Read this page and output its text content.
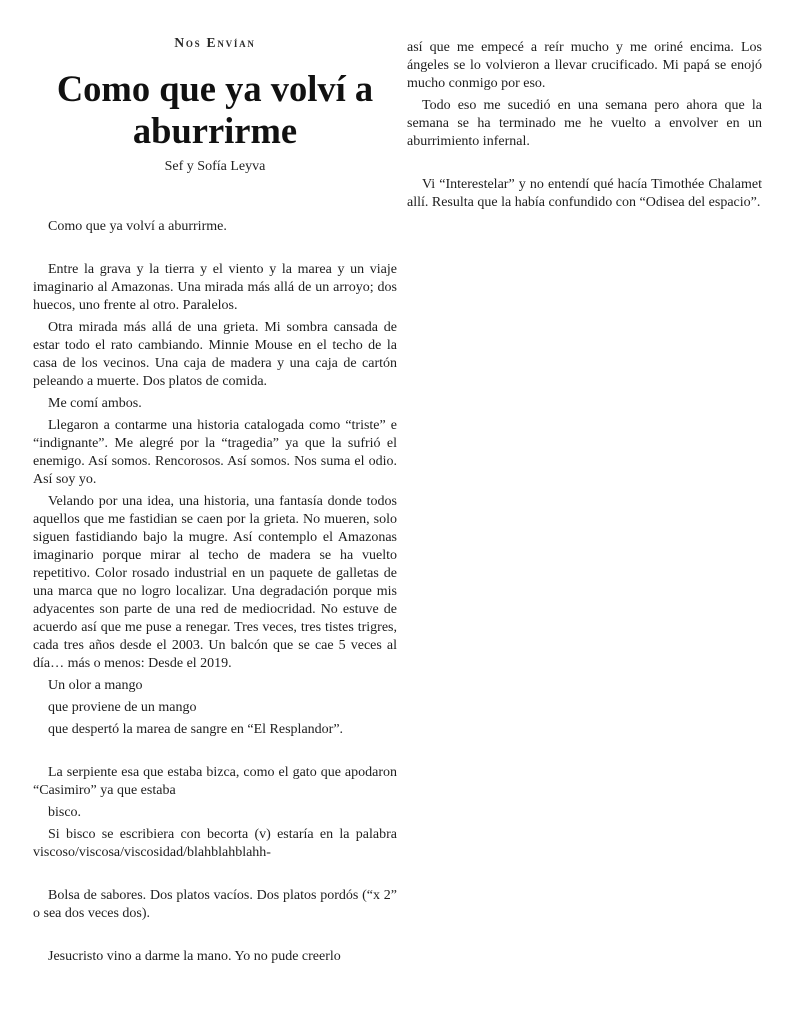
Nos Envían
Como que ya volví a aburrirme
Sef y Sofía Leyva

Como que ya volví a aburrirme.

Entre la grava y la tierra y el viento y la marea y un viaje imaginario al Amazonas. Una mirada más allá de un arroyo; dos huecos, uno frente al otro. Paralelos.

Otra mirada más allá de una grieta. Mi sombra cansada de estar todo el rato cambiando. Minnie Mouse en el techo de la casa de los vecinos. Una caja de madera y una caja de cartón peleando a muerte. Dos platos de comida.

Me comí ambos.

Llegaron a contarme una historia catalogada como “triste” e “indignante”. Me alegré por la “tragedia” ya que la sufrió el enemigo. Así somos. Rencorosos. Así somos. Nos suma el odio. Así soy yo.

Velando por una idea, una historia, una fantasía donde todos aquellos que me fastidian se caen por la grieta. No mueren, solo siguen fastidiando bajo la mugre. Así contemplo el Amazonas imaginario porque mirar al techo de madera se ha vuelto repetitivo. Color rosado industrial en un paquete de galletas de una marca que no logro localizar. Una degradación porque mis adyacentes son parte de una red de mediocridad. No estuve de acuerdo así que me puse a renegar. Tres veces, tres tistes trigres, cada tres años desde el 2003. Un balcón que se cae 5 veces al día… más o menos: Desde el 2019.

Un olor a mango

que proviene de un mango

que despertó la marea de sangre en “El Resplandor”.

La serpiente esa que estaba bizca, como el gato que apodaron “Casimiro” ya que estaba

bisco.

Si bisco se escribiera con becorta (v) estaría en la palabra viscoso/viscosa/viscosidad/blahblahblahh-

Bolsa de sabores. Dos platos vacíos. Dos platos pordós (“x 2” o sea dos veces dos).

Jesucristo vino a darme la mano. Yo no pude creerlo

así que me empecé a reír mucho y me oriné encima. Los ángeles se lo volvieron a llevar crucificado. Mi papá se enojó mucho conmigo por eso.

Todo eso me sucedió en una semana pero ahora que la semana se ha terminado me he vuelto a envolver en un aburrimiento infernal.

Vi “Interestelar” y no entendí qué hacía Timothée Chalamet allí. Resulta que la había confundido con “Odisea del espacio”.
